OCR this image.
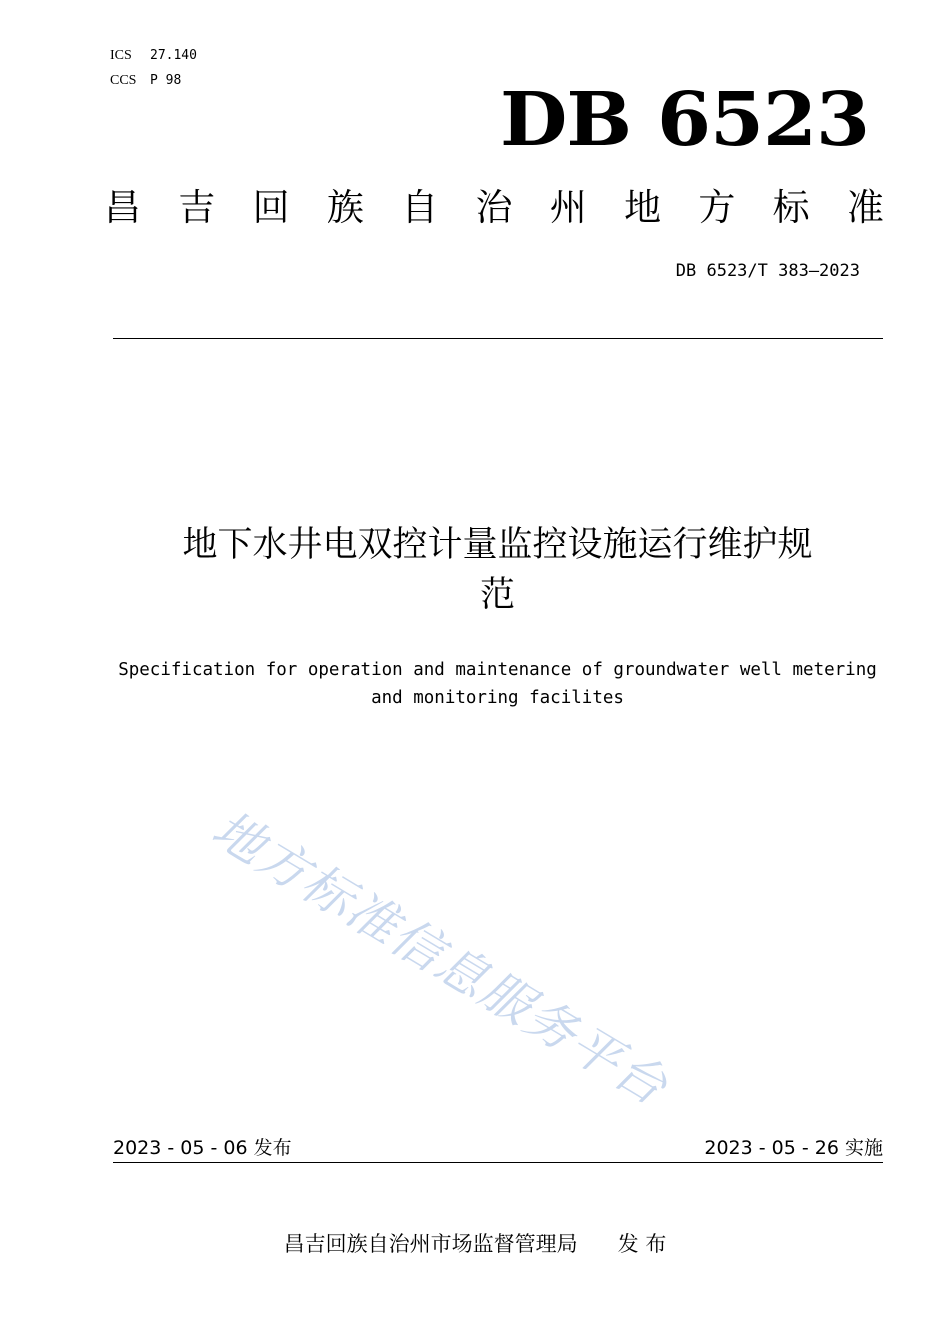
ICS 27.140
CCS P 98	DB 6523
昌 吉 回 族 自 治 州 地 方 标 准
DB 6523/T 383—2023
地下水井电双控计量监控设施运行维护规
范
Specification for operation and maintenance of groundwater well metering
and monitoring facilites
地方标准信息服务平台
2023 - 05 - 06 发布	2023 - 05 - 26 实施
昌吉回族自治州市场监督管理局 发 布
